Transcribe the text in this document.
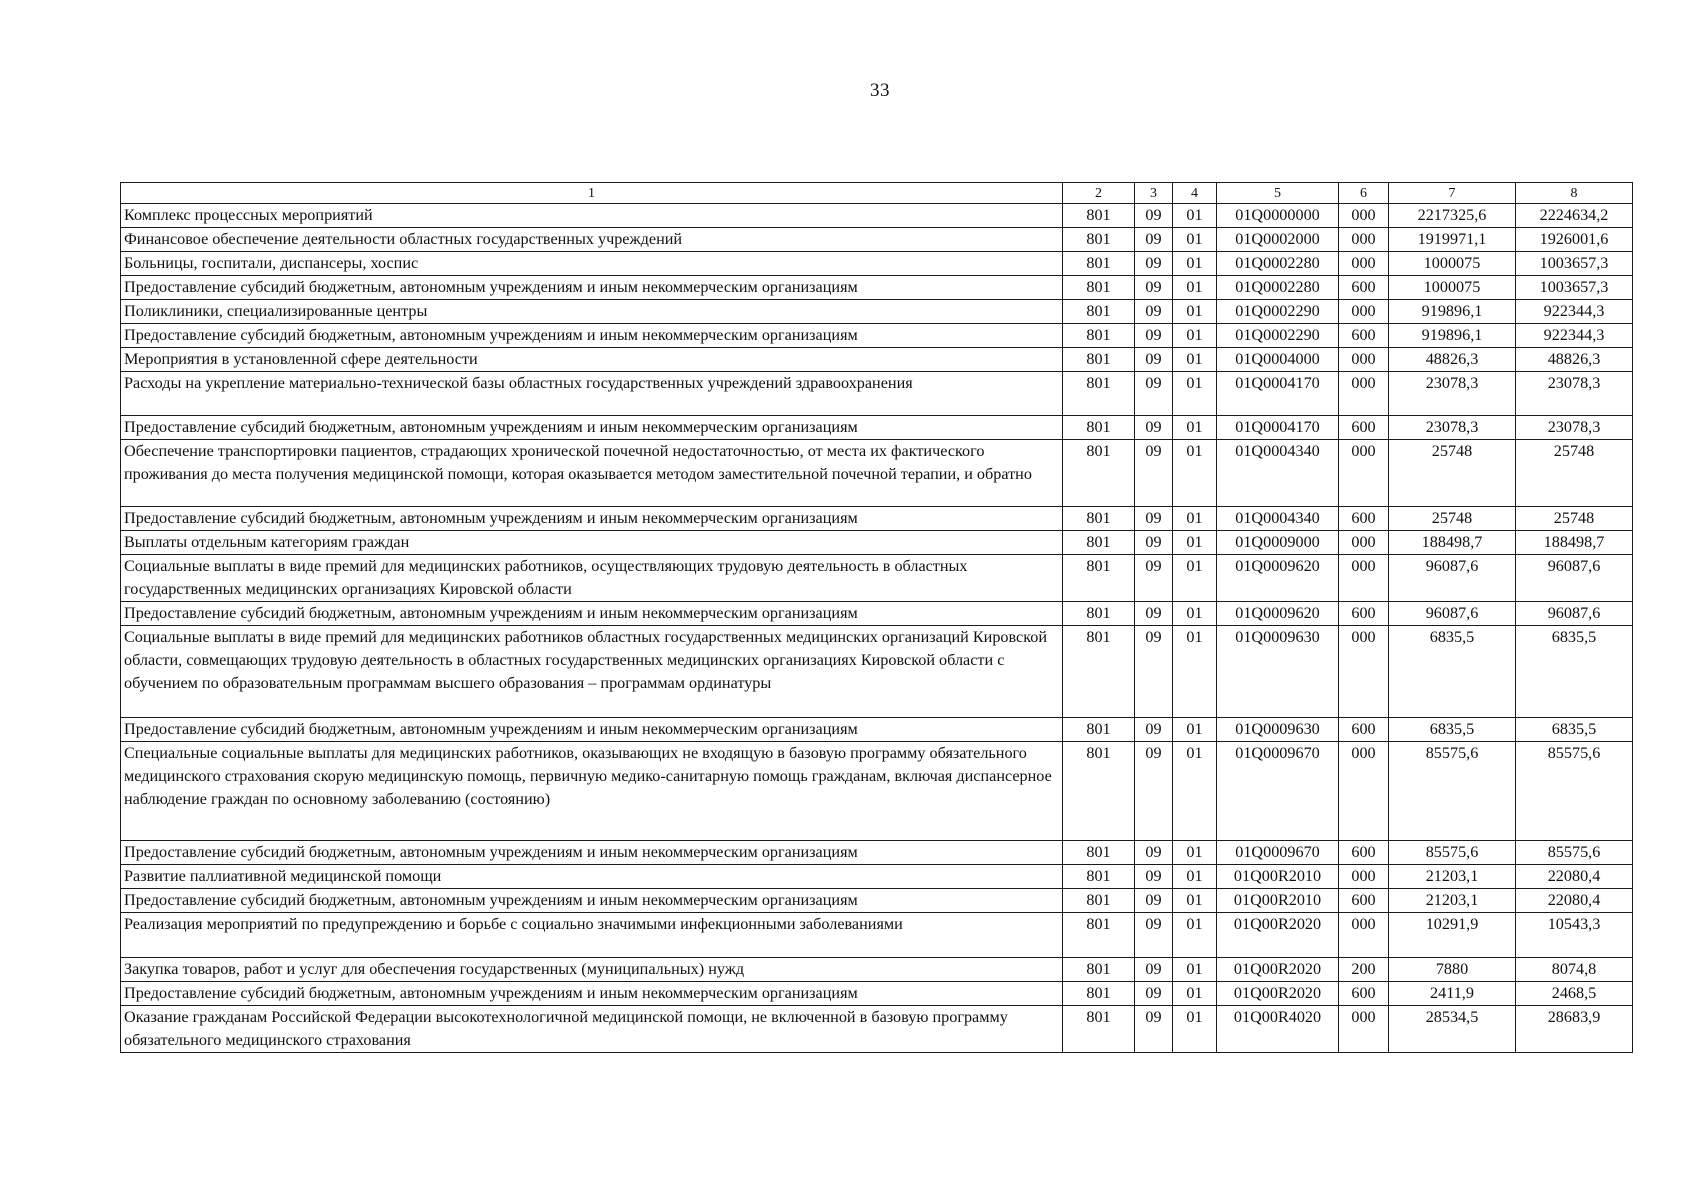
33
1	2	3	4	5	6	7	8
Комплекс процессных мероприятий	801	09	01	01Q0000000	000	2217325,6	2224634,2
Финансовое обеспечение деятельности областных государственных учреждений	801	09	01	01Q0002000	000	1919971,1	1926001,6
Больницы, госпитали, диспансеры, хоспис	801	09	01	01Q0002280	000	1000075	1003657,3
Предоставление субсидий бюджетным, автономным учреждениям и иным некоммерческим организациям	801	09	01	01Q0002280	600	1000075	1003657,3
Поликлиники, специализированные центры	801	09	01	01Q0002290	000	919896,1	922344,3
Предоставление субсидий бюджетным, автономным учреждениям и иным некоммерческим организациям	801	09	01	01Q0002290	600	919896,1	922344,3
Мероприятия в установленной сфере деятельности	801	09	01	01Q0004000	000	48826,3	48826,3
Расходы на укрепление материально-технической базы областных государственных учреждений здравоохранения	801	09	01	01Q0004170	000	23078,3	23078,3
Предоставление субсидий бюджетным, автономным учреждениям и иным некоммерческим организациям	801	09	01	01Q0004170	600	23078,3	23078,3
Обеспечение транспортировки пациентов, страдающих хронической почечной недостаточностью, от места их фактического проживания до места получения медицинской помощи, которая оказывается методом заместительной почечной терапии, и обратно	801	09	01	01Q0004340	000	25748	25748
Предоставление субсидий бюджетным, автономным учреждениям и иным некоммерческим организациям	801	09	01	01Q0004340	600	25748	25748
Выплаты отдельным категориям граждан	801	09	01	01Q0009000	000	188498,7	188498,7
Социальные выплаты в виде премий для медицинских работников, осуществляющих трудовую деятельность в областных государственных медицинских организациях Кировской области	801	09	01	01Q0009620	000	96087,6	96087,6
Предоставление субсидий бюджетным, автономным учреждениям и иным некоммерческим организациям	801	09	01	01Q0009620	600	96087,6	96087,6
Социальные выплаты в виде премий для медицинских работников областных государственных медицинских организаций Кировской области, совмещающих трудовую деятельность в областных государственных медицинских организациях Кировской области с обучением по образовательным программам высшего образования – программам ординатуры	801	09	01	01Q0009630	000	6835,5	6835,5
Предоставление субсидий бюджетным, автономным учреждениям и иным некоммерческим организациям	801	09	01	01Q0009630	600	6835,5	6835,5
Специальные социальные выплаты для медицинских работников, оказывающих не входящую в базовую программу обязательного медицинского страхования скорую медицинскую помощь, первичную медико-санитарную помощь гражданам, включая диспансерное наблюдение граждан по основному заболеванию (состоянию)	801	09	01	01Q0009670	000	85575,6	85575,6
Предоставление субсидий бюджетным, автономным учреждениям и иным некоммерческим организациям	801	09	01	01Q0009670	600	85575,6	85575,6
Развитие паллиативной медицинской помощи	801	09	01	01Q00R2010	000	21203,1	22080,4
Предоставление субсидий бюджетным, автономным учреждениям и иным некоммерческим организациям	801	09	01	01Q00R2010	600	21203,1	22080,4
Реализация мероприятий по предупреждению и борьбе с социально значимыми инфекционными заболеваниями	801	09	01	01Q00R2020	000	10291,9	10543,3
Закупка товаров, работ и услуг для обеспечения государственных (муниципальных) нужд	801	09	01	01Q00R2020	200	7880	8074,8
Предоставление субсидий бюджетным, автономным учреждениям и иным некоммерческим организациям	801	09	01	01Q00R2020	600	2411,9	2468,5
Оказание гражданам Российской Федерации высокотехнологичной медицинской помощи, не включенной в базовую программу обязательного медицинского страхования	801	09	01	01Q00R4020	000	28534,5	28683,9
